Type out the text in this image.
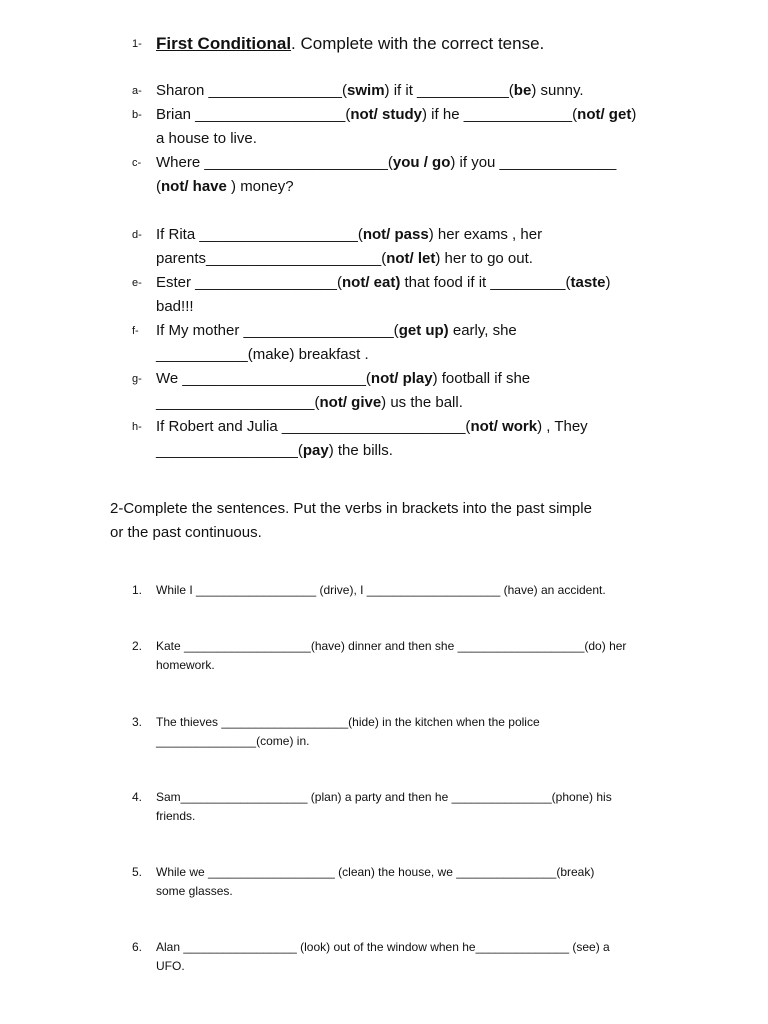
1- First Conditional. Complete with the correct tense.
a- Sharon ________________(swim) if it ___________(be) sunny.

b- Brian __________________(not/ study) if he _____________(not/ get)

a house to live.

c- Where ______________________(you / go) if you ______________

(not/ have ) money?

d- If Rita ___________________(not/ pass) her exams , her

parents_____________________(not/ let) her to go out.

e- Ester _________________(not/ eat) that food if it _________(taste)

bad!!!

f- If My mother __________________(get up) early, she

___________(make) breakfast .

g- We ______________________(not/ play) football if she

___________________(not/ give) us the ball.

h- If Robert and Julia ______________________(not/ work) , They

_________________(pay) the bills.

2-Complete the sentences. Put the verbs in brackets into the past simple

or the past continuous.

1. While I __________________ (drive), I ____________________ (have) an accident.

2. Kate ___________________(have) dinner and then she ___________________(do) her

homework.

3. The thieves ___________________(hide) in the kitchen when the police

_______________(come) in.

4. Sam___________________ (plan) a party and then he _______________(phone) his

friends.

5. While we ___________________ (clean) the house, we _______________(break)

some glasses.

6. Alan _________________ (look) out of the window when he______________ (see) a

UFO.
